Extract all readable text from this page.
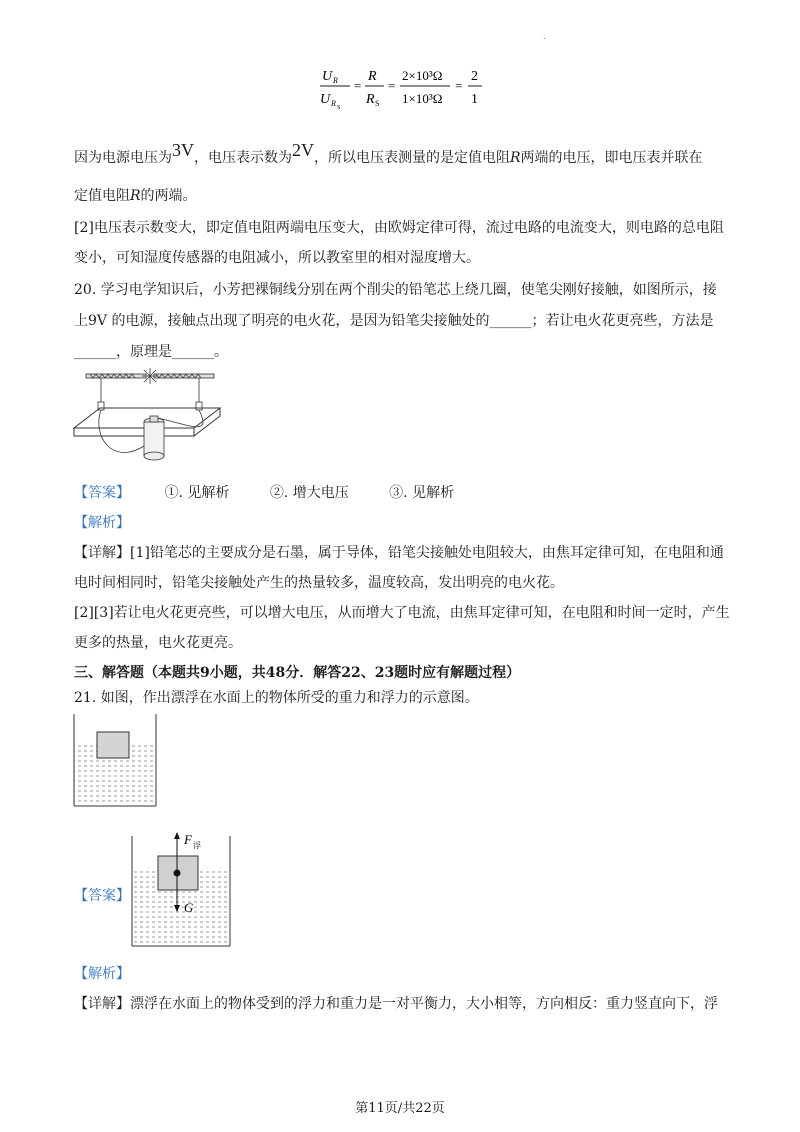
.
U R
U R S
=
R
R S
=
2×10³Ω
1×10³Ω
=
2
1
因为电源电压为3V，电压表示数为2V，所以电压表测量的是定值电阻R两端的电压，即电压表并联在
定值电阻R的两端。
[2]电压表示数变大，即定值电阻两端电压变大，由欧姆定律可得，流过电路的电流变大，则电路的总电阻
变小，可知湿度传感器的电阻减小，所以教室里的相对湿度增大。
20. 学习电学知识后，小芳把裸铜线分别在两个削尖的铅笔芯上绕几圈，使笔尖刚好接触，如图所示，接
上9V 的电源，接触点出现了明亮的电火花，是因为铅笔尖接触处的______；若让电火花更亮些，方法是
______，原理是______。
【答案】 ①. 见解析	②. 增大电压	③. 见解析
【解析】
【详解】[1]铅笔芯的主要成分是石墨，属于导体，铅笔尖接触处电阻较大，由焦耳定律可知，在电阻和通
电时间相同时，铅笔尖接触处产生的热量较多，温度较高，发出明亮的电火花。
[2][3]若让电火花更亮些，可以增大电压，从而增大了电流，由焦耳定律可知，在电阻和时间一定时，产生
更多的热量，电火花更亮。
三、解答题（本题共9小题，共48分．解答22、23题时应有解题过程）
21. 如图，作出漂浮在水面上的物体所受的重力和浮力的示意图。
【答案】
F 浮
G
【解析】
【详解】漂浮在水面上的物体受到的浮力和重力是一对平衡力，大小相等，方向相反：重力竖直向下，浮
第11页/共22页
